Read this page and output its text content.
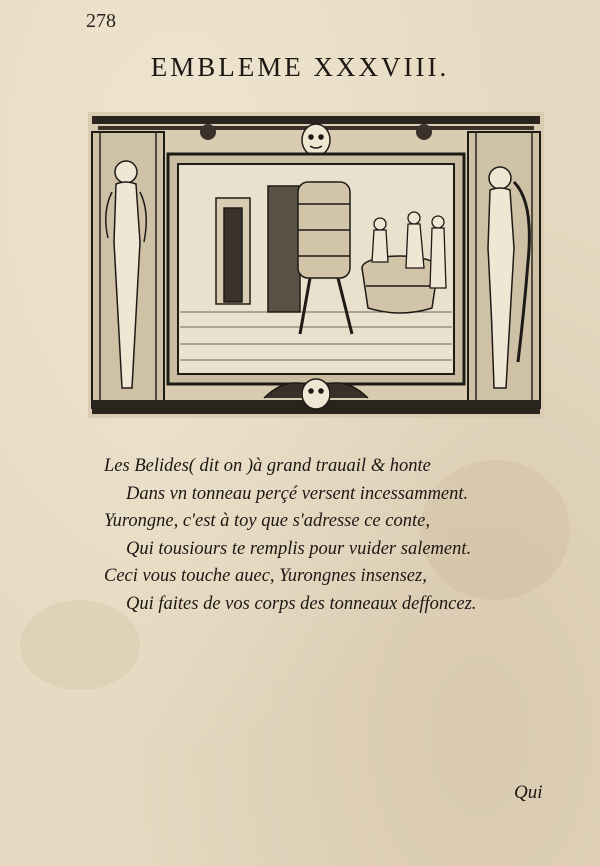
278
EMBLEME XXXVIII.
Les Belides( dit on )à grand trauail & honte
Dans vn tonneau perçé versent incessamment.
Yurongne, c'est à toy que s'adresse ce conte,
Qui tousiours te remplis pour vuider salement.
Ceci vous touche auec, Yurongnes insensez,
Qui faites de vos corps des tonneaux deffoncez.
Qui
